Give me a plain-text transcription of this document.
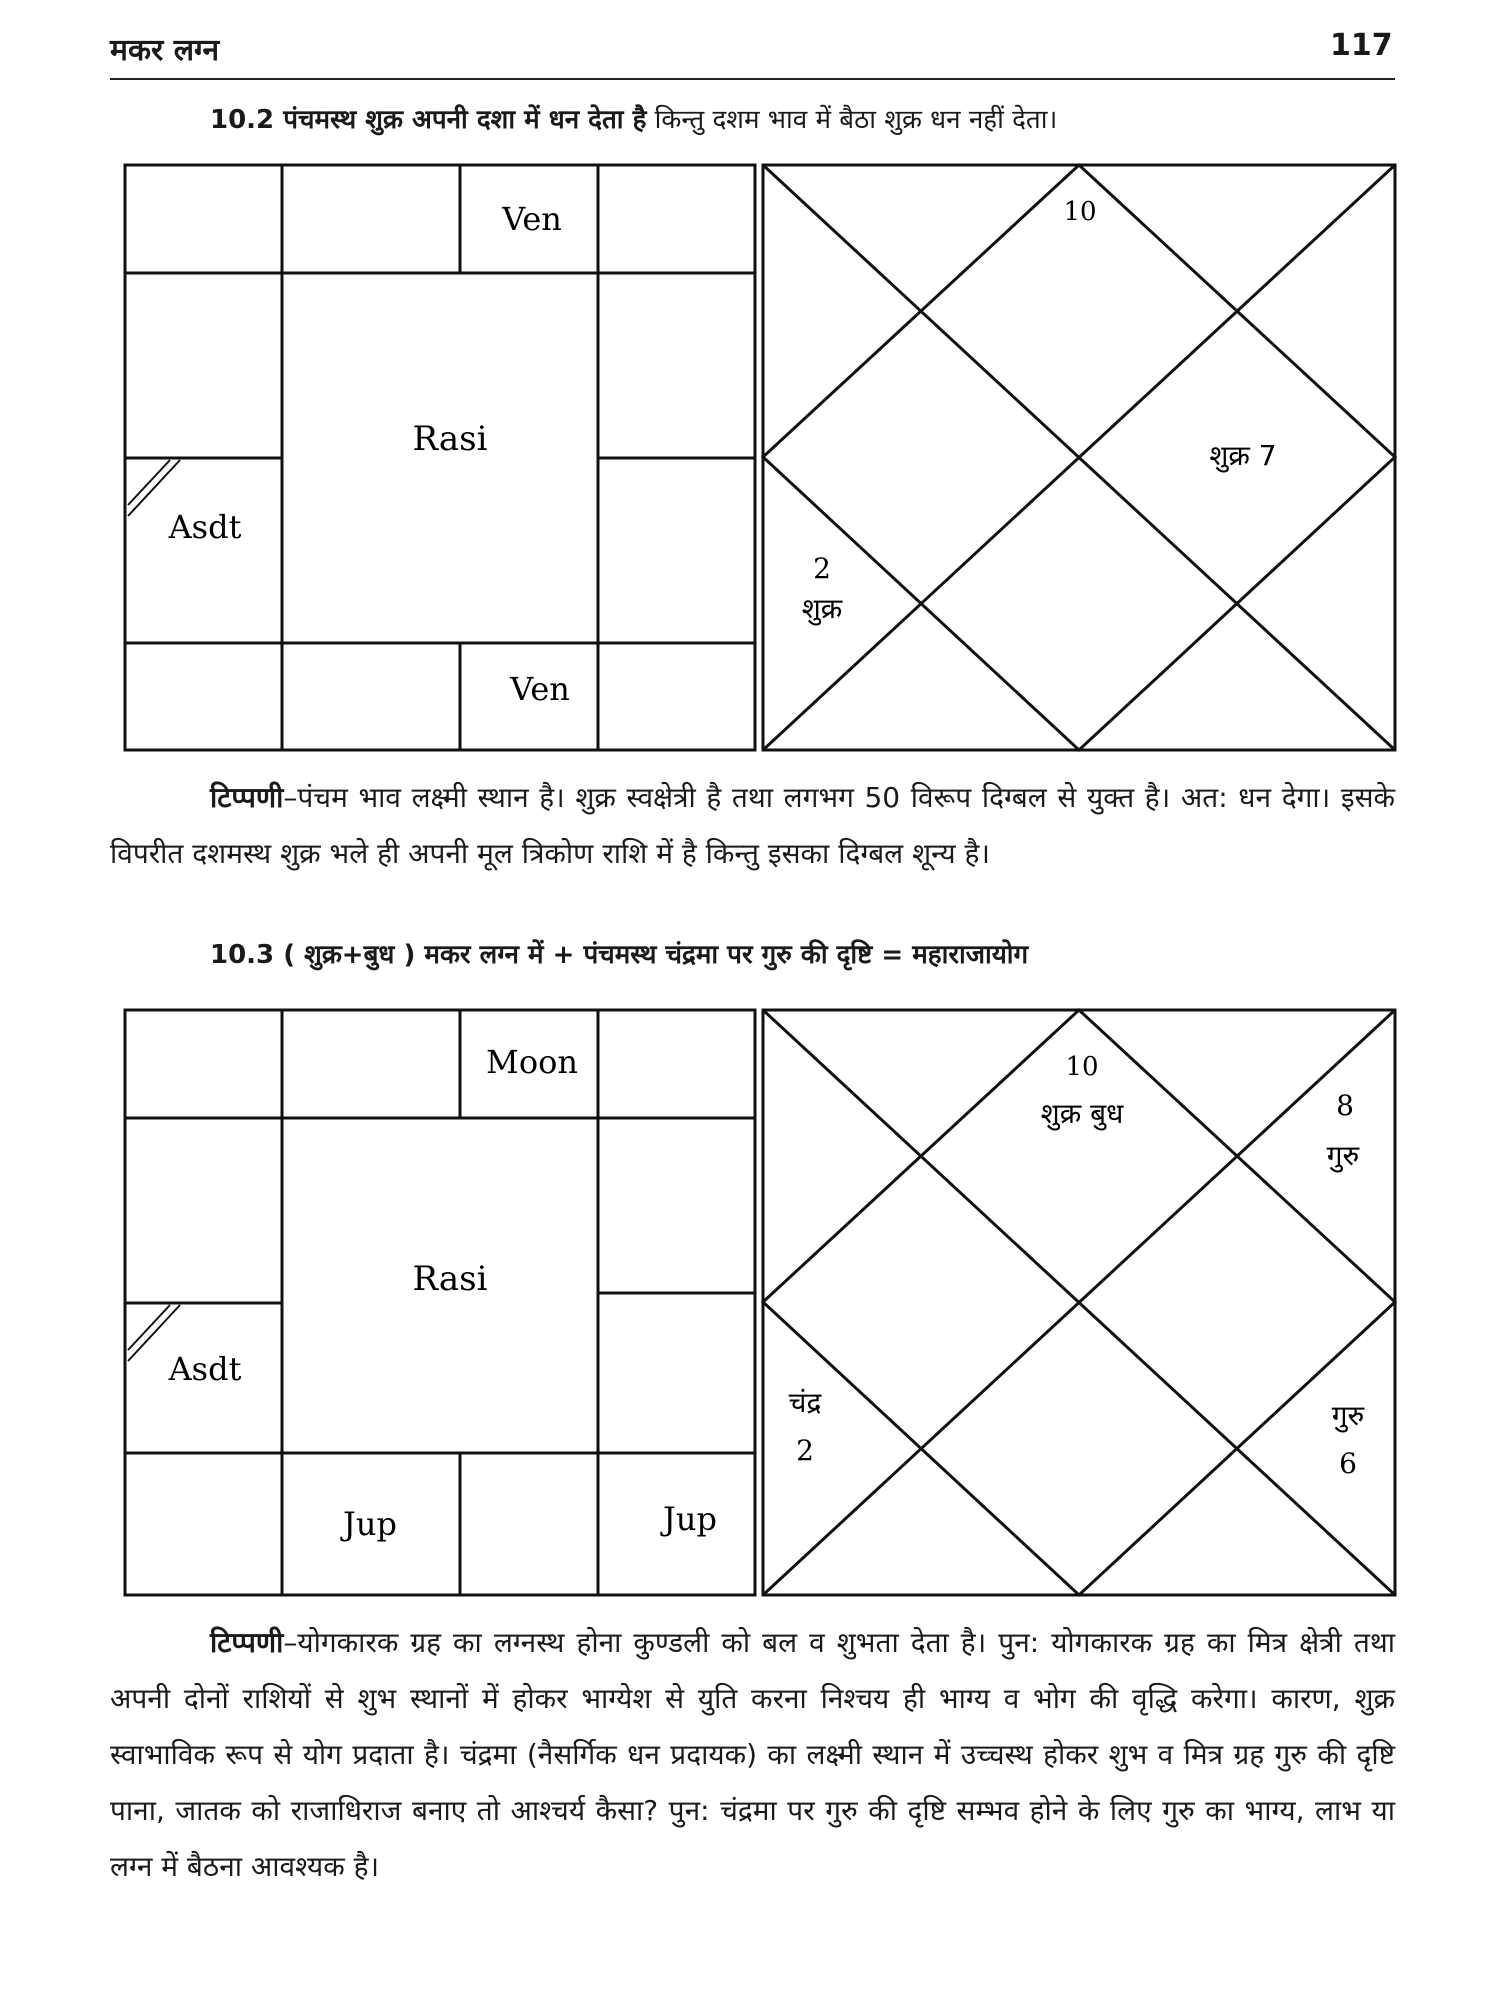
मकर लग्न	117
10.2 पंचमस्थ शुक्र अपनी दशा में धन देता है किन्तु दशम भाव में बैठा शुक्र धन नहीं देता।
Ven
Rasi
Asdt
Ven
10
शुक्र 7
2
शुक्र
टिप्पणी–पंचम भाव लक्ष्मी स्थान है। शुक्र स्वक्षेत्री है तथा लगभग 50 विरूप दिग्बल से युक्त है। अत: धन देगा। इसके विपरीत दशमस्थ शुक्र भले ही अपनी मूल त्रिकोण राशि में है किन्तु इसका दिग्बल शून्य है।
10.3 ( शुक्र+बुध ) मकर लग्न में + पंचमस्थ चंद्रमा पर गुरु की दृष्टि = महाराजायोग
Moon
Rasi
Asdt
Jup	Jup
10
शुक्र बुध	8
गुरु
चंद्र
2
गुरु
6
टिप्पणी–योगकारक ग्रह का लग्नस्थ होना कुण्डली को बल व शुभता देता है। पुन: योगकारक ग्रह का मित्र क्षेत्री तथा अपनी दोनों राशियों से शुभ स्थानों में होकर भाग्येश से युति करना निश्चय ही भाग्य व भोग की वृद्धि करेगा। कारण, शुक्र स्वाभाविक रूप से योग प्रदाता है। चंद्रमा (नैसर्गिक धन प्रदायक) का लक्ष्मी स्थान में उच्चस्थ होकर शुभ व मित्र ग्रह गुरु की दृष्टि पाना, जातक को राजाधिराज बनाए तो आश्चर्य कैसा? पुन: चंद्रमा पर गुरु की दृष्टि सम्भव होने के लिए गुरु का भाग्य, लाभ या लग्न में बैठना आवश्यक है।
